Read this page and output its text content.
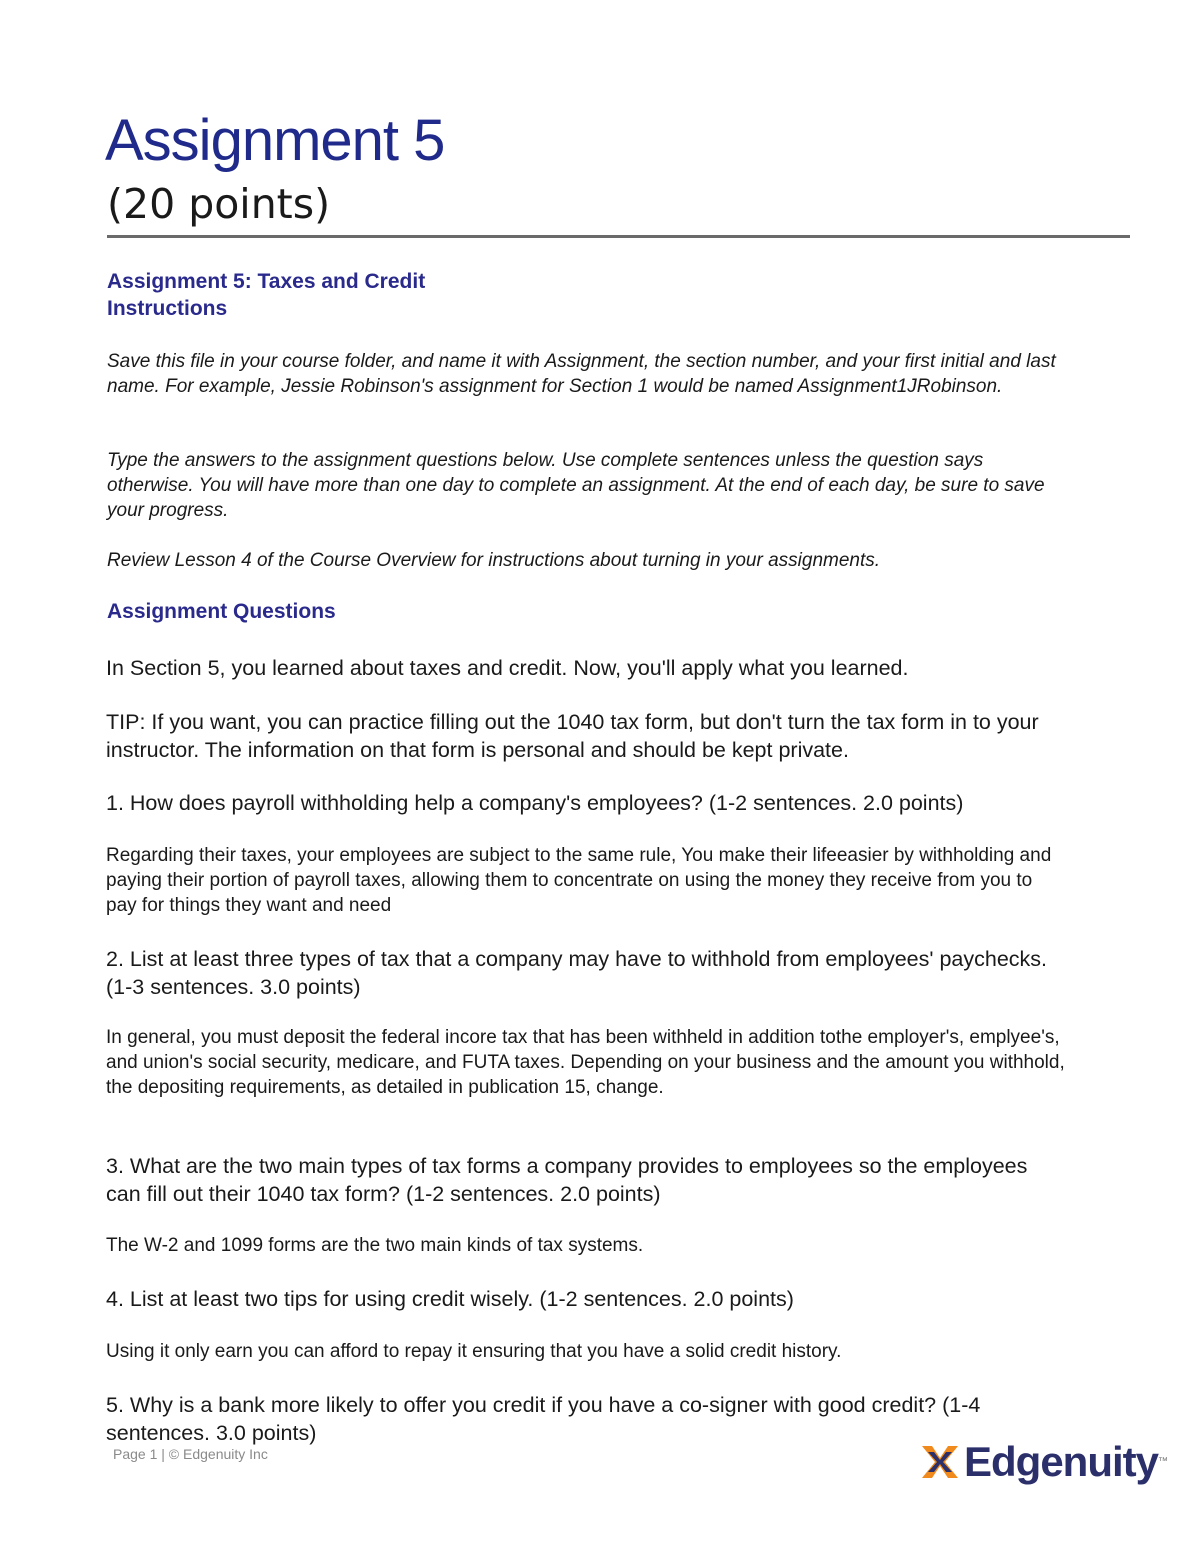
Assignment 5
(20 points)
Assignment 5: Taxes and Credit
Instructions

Save this file in your course folder, and name it with Assignment, the section number, and your first initial and last name. For example, Jessie Robinson's assignment for Section 1 would be named Assignment1JRobinson.

Type the answers to the assignment questions below. Use complete sentences unless the question says otherwise. You will have more than one day to complete an assignment. At the end of each day, be sure to save your progress.

Review Lesson 4 of the Course Overview for instructions about turning in your assignments.

Assignment Questions

In Section 5, you learned about taxes and credit. Now, you'll apply what you learned.

TIP: If you want, you can practice filling out the 1040 tax form, but don't turn the tax form in to your instructor. The information on that form is personal and should be kept private.

1. How does payroll withholding help a company's employees? (1-2 sentences. 2.0 points)

Regarding their taxes, your employees are subject to the same rule, You make their lifeeasier by withholding and paying their portion of payroll taxes, allowing them to concentrate on using the money they receive from you to pay for things they want and need

2. List at least three types of tax that a company may have to withhold from employees' paychecks. (1-3 sentences. 3.0 points)

In general, you must deposit the federal incore tax that has been withheld in addition tothe employer's, emplyee's, and union's social security, medicare, and FUTA taxes. Depending on your business and the amount you withhold, the depositing requirements, as detailed in publication 15, change.

3. What are the two main types of tax forms a company provides to employees so the employees can fill out their 1040 tax form? (1-2 sentences. 2.0 points)

The W-2 and 1099 forms are the two main kinds of tax systems.

4. List at least two tips for using credit wisely. (1-2 sentences. 2.0 points)

Using it only earn you can afford to repay it ensuring that you have a solid credit history.

5. Why is a bank more likely to offer you credit if you have a co-signer with good credit? (1-4 sentences. 3.0 points)

Page 1 | © Edgenuity Inc	Edgenuity ™
